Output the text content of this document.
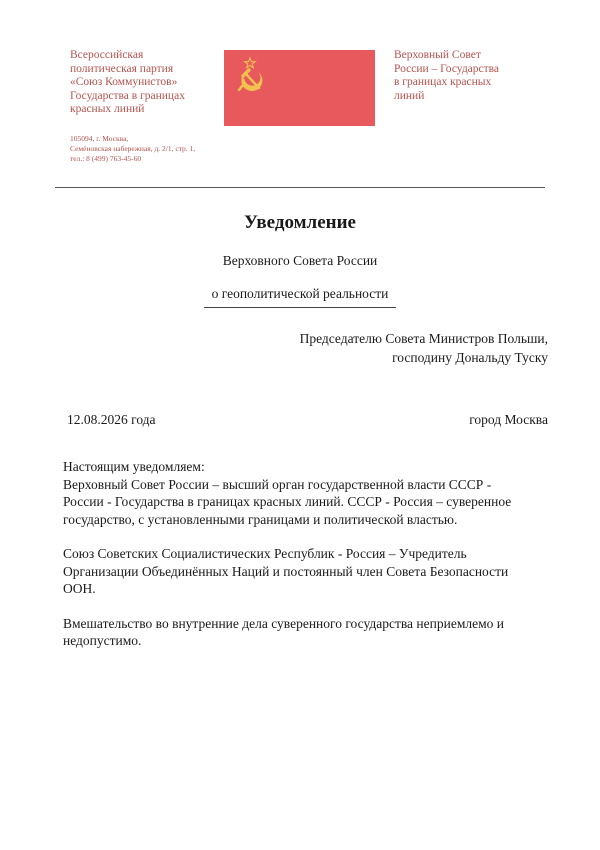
Всероссийская
политическая партия
«Союз Коммунистов»
Государства в границах
красных линий
105094, г. Москва,
Семёновская набережная, д. 2/1, стр. 1,
тел.: 8 (499) 763-45-60
Верховный Совет
России – Государства
в границах красных
линий
Уведомление
Верховного Совета России
о геополитической реальности
Председателю Совета Министров Польши,
господину Дональду Туску
12.08.2026 года	город Москва
Настоящим уведомляем:
Верховный Совет России – высший орган государственной власти СССР -
России - Государства в границах красных линий. СССР - Россия – суверенное
государство, с установленными границами и политической властью.
Союз Советских Социалистических Республик - Россия – Учредитель
Организации Объединённых Наций и постоянный член Совета Безопасности
ООН.
Вмешательство во внутренние дела суверенного государства неприемлемо и
недопустимо.
